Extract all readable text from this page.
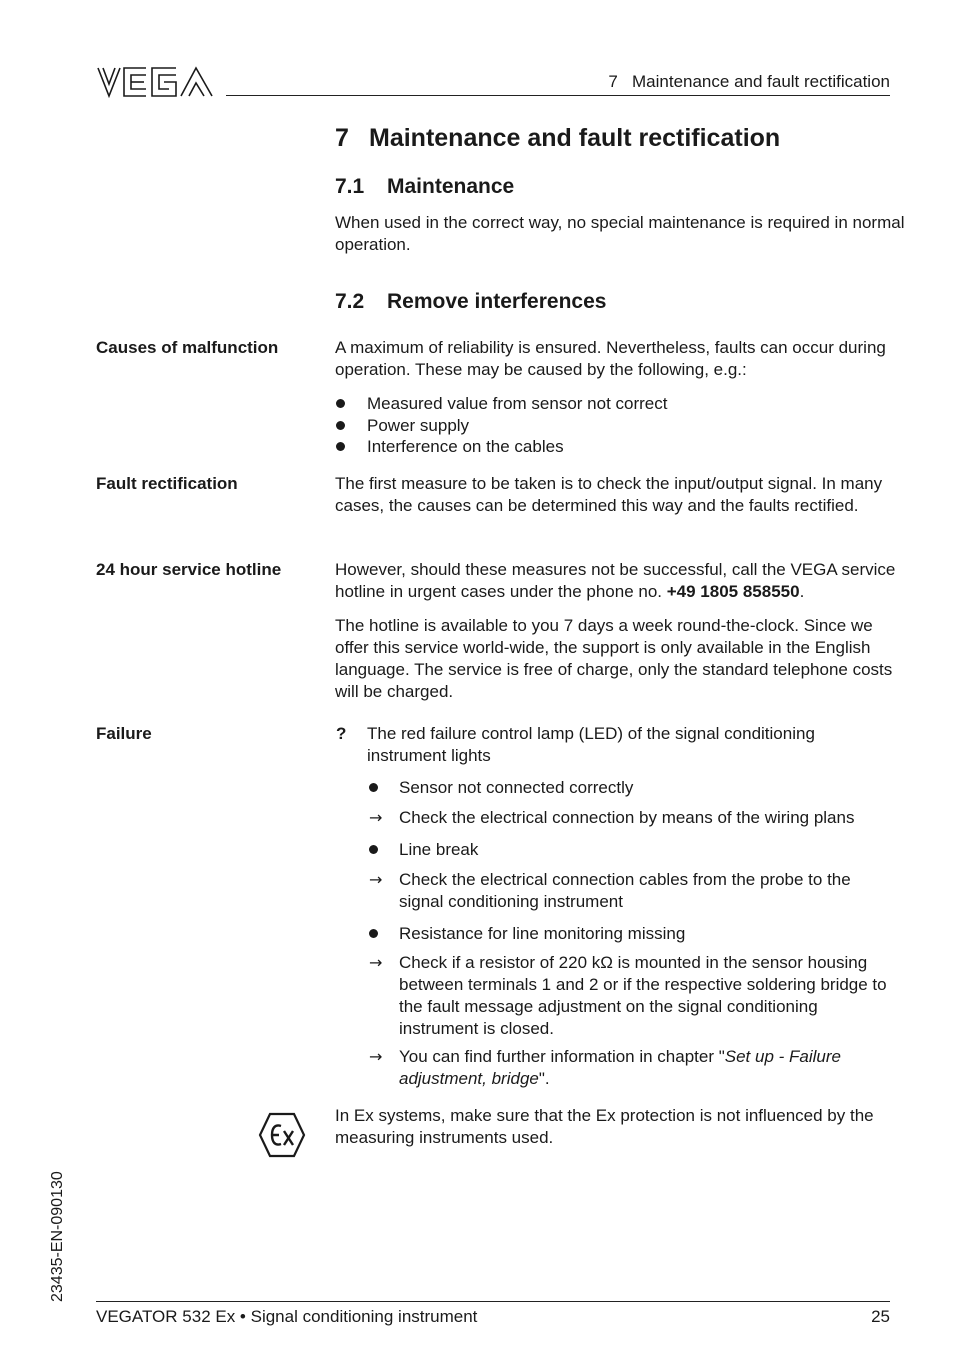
7   Maintenance and fault rectification
7 Maintenance and fault rectification
7.1 Maintenance
When used in the correct way, no special maintenance is required in normal operation.
7.2 Remove interferences
Causes of malfunction	A maximum of reliability is ensured. Nevertheless, faults can occur during operation. These may be caused by the following, e.g.:
Measured value from sensor not correct
Power supply
Interference on the cables
Fault rectification	The first measure to be taken is to check the input/output signal. In many cases, the causes can be determined this way and the faults rectified.
24 hour service hotline	However, should these measures not be successful, call the VEGA service hotline in urgent cases under the phone no. +49 1805 858550.
The hotline is available to you 7 days a week round-the-clock. Since we offer this service world-wide, the support is only available in the English language. The service is free of charge, only the standard telephone costs will be charged.
Failure	? The red failure control lamp (LED) of the signal conditioning instrument lights
Sensor not connected correctly
→ Check the electrical connection by means of the wiring plans
Line break
→ Check the electrical connection cables from the probe to the signal conditioning instrument
Resistance for line monitoring missing
→ Check if a resistor of 220 kΩ is mounted in the sensor housing between terminals 1 and 2 or if the respective soldering bridge to the fault message adjustment on the signal conditioning instrument is closed.
→ You can find further information in chapter "Set up - Failure adjustment, bridge".
In Ex systems, make sure that the Ex protection is not influenced by the measuring instruments used.
23435-EN-090130
VEGATOR 532 Ex • Signal conditioning instrument	25
